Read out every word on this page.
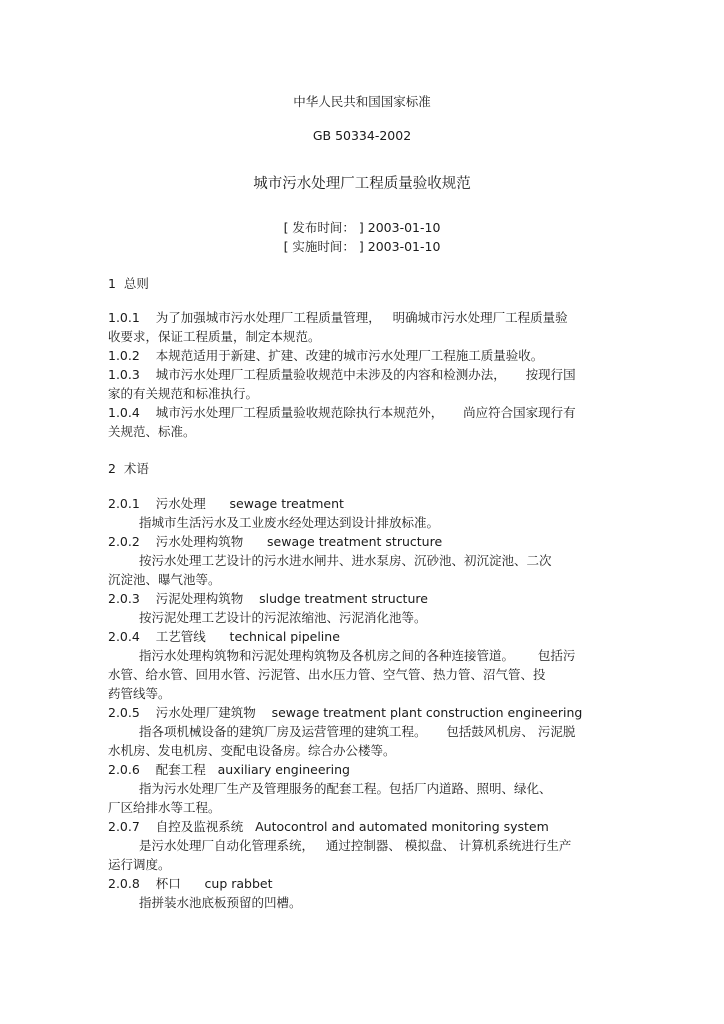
中华人民共和国国家标准
GB 50334-2002
城市污水处理厂工程质量验收规范
[ 发布时间： ] 2003-01-10
[ 实施时间： ] 2003-01-10
1  总则
1.0.1    为了加强城市污水处理厂工程质量管理，   明确城市污水处理厂工程质量验
收要求，保证工程质量，制定本规范。
1.0.2    本规范适用于新建、扩建、改建的城市污水处理厂工程施工质量验收。
1.0.3    城市污水处理厂工程质量验收规范中未涉及的内容和检测办法，     按现行国
家的有关规范和标准执行。
1.0.4    城市污水处理厂工程质量验收规范除执行本规范外，     尚应符合国家现行有
关规范、标准。
2  术语
2.0.1    污水处理      sewage treatment
指城市生活污水及工业废水经处理达到设计排放标准。
2.0.2    污水处理构筑物      sewage treatment structure
按污水处理工艺设计的污水进水闸井、进水泵房、沉砂池、初沉淀池、二次
沉淀池、曝气池等。
2.0.3    污泥处理构筑物    sludge treatment structure
按污泥处理工艺设计的污泥浓缩池、污泥消化池等。
2.0.4    工艺管线      technical pipeline
指污水处理构筑物和污泥处理构筑物及各机房之间的各种连接管道。      包括污
水管、给水管、回用水管、污泥管、出水压力管、空气管、热力管、沼气管、投
药管线等。
2.0.5    污水处理厂建筑物    sewage treatment plant construction engineering
指各项机械设备的建筑厂房及运营管理的建筑工程。     包括鼓风机房、 污泥脱
水机房、发电机房、变配电设备房。综合办公楼等。
2.0.6    配套工程   auxiliary engineering
指为污水处理厂生产及管理服务的配套工程。包括厂内道路、照明、绿化、
厂区给排水等工程。
2.0.7    自控及监视系统   Autocontrol and automated monitoring system
是污水处理厂自动化管理系统，   通过控制器、 模拟盘、 计算机系统进行生产
运行调度。
2.0.8    杯口      cup rabbet
指拼装水池底板预留的凹槽。
